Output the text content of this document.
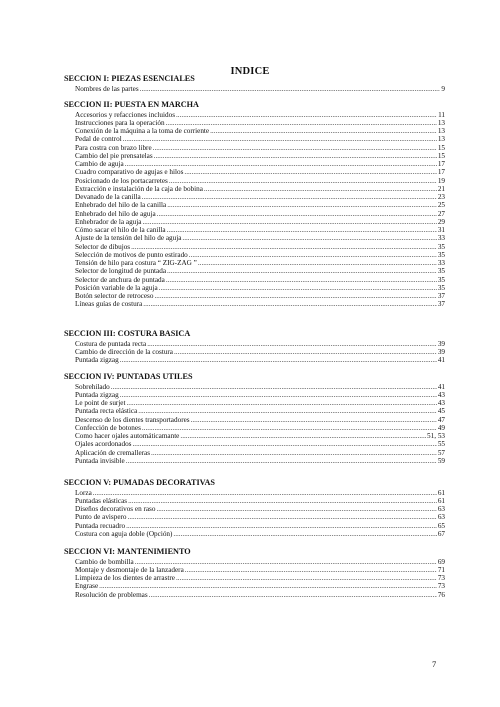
INDICE
SECCION I: PIEZAS ESENCIALES
Nombres de las partes .....	9
SECCION II: PUESTA EN MARCHA
Accesorios y refacciones incluidos .....	11
Instrucciones para la operación .....	13
Conexión de la máquina a la toma de corriente .....	13
Pedal de control .....	13
Para costra con brazo libre .....	15
Cambio del pie prensatelas .....	15
Cambio de aguja .....	17
Cuadro comparativo de agujas e hilos .....	17
Posicionado de los portacarretes .....	19
Extracción e instalación de la caja de bobina .....	21
Devanado de la canilla .....	23
Enhebrado del hilo de la canilla .....	25
Enhebrado del hilo de aguja .....	27
Enhebrador de la aguja .....	29
Cómo sacar el hilo de la canilla .....	31
Ajuste de la tensión del hilo de aguja .....	33
Selector de dibujos .....	35
Selección de motivos de punto estirado .....	35
Tensión de hilo para costura “ ZIG-ZAG ” .....	33
Selector de longitud de puntada .....	35
Selector de anchura de puntada .....	35
Posición variable de la aguja .....	35
Botón selector de retroceso .....	37
Líneas guías de costura .....	37
SECCION III: COSTURA BASICA
Costura de puntada recta .....	39
Cambio de dirección de la costura .....	39
Puntada zigzag .....	41
SECCION IV: PUNTADAS UTILES
Sobrehilado .....	41
Puntada zigzag .....	43
Le point de surjet .....	43
Puntada recta elástica .....	45
Descenso de los dientes transportadores .....	47
Confección de botones .....	49
Como hacer ojales automáticamante .....	51, 53
Ojales acordonados .....	55
Aplicación de cremalleras .....	57
Puntada invisible .....	59
SECCION V: PUMADAS DECORATIVAS
Lorza .....	61
Puntadas elásticas .....	61
Diseños decorativos en raso .....	63
Punto de avispero .....	63
Puntada recuadro .....	65
Costura con aguja doble (Opción) .....	67
SECCION VI: MANTENIMIENTO
Cambio de bombilla .....	69
Montaje y desmontaje de la lanzadera .....	71
Limpieza de los dientes de arrastre .....	73
Engrase .....	73
Resolución de problemas .....	76
7
